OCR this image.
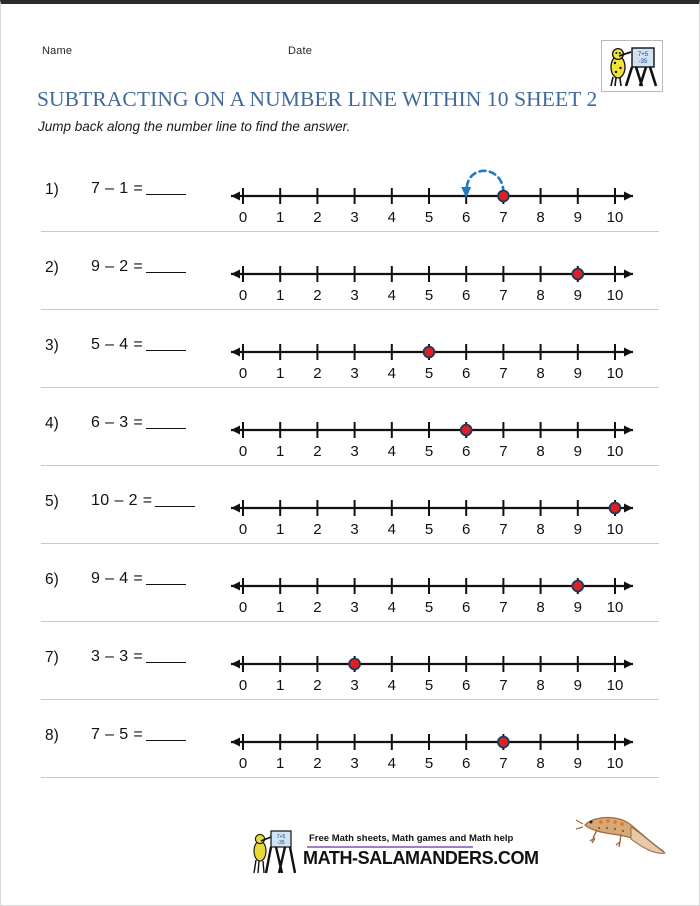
Name	Date	7+5
-35
SUBTRACTING ON A NUMBER LINE WITHIN 10 SHEET 2
Jump back along the number line to find the answer.
1)	7 – 1 =
0 1 2 3 4 5 6 7 8 9 10
2)	9 – 2 =
0 1 2 3 4 5 6 7 8 9 10
3)	5 – 4 =
0 1 2 3 4 5 6 7 8 9 10
4)	6 – 3 =
0 1 2 3 4 5 6 7 8 9 10
5)	10 – 2 =
0 1 2 3 4 5 6 7 8 9 10
6)	9 – 4 =
0 1 2 3 4 5 6 7 8 9 10
7)	3 – 3 =
0 1 2 3 4 5 6 7 8 9 10
8)	7 – 5 =
0 1 2 3 4 5 6 7 8 9 10
7+5
-35	Free Math sheets, Math games and Math help
MATH-SALAMANDERS.COM
